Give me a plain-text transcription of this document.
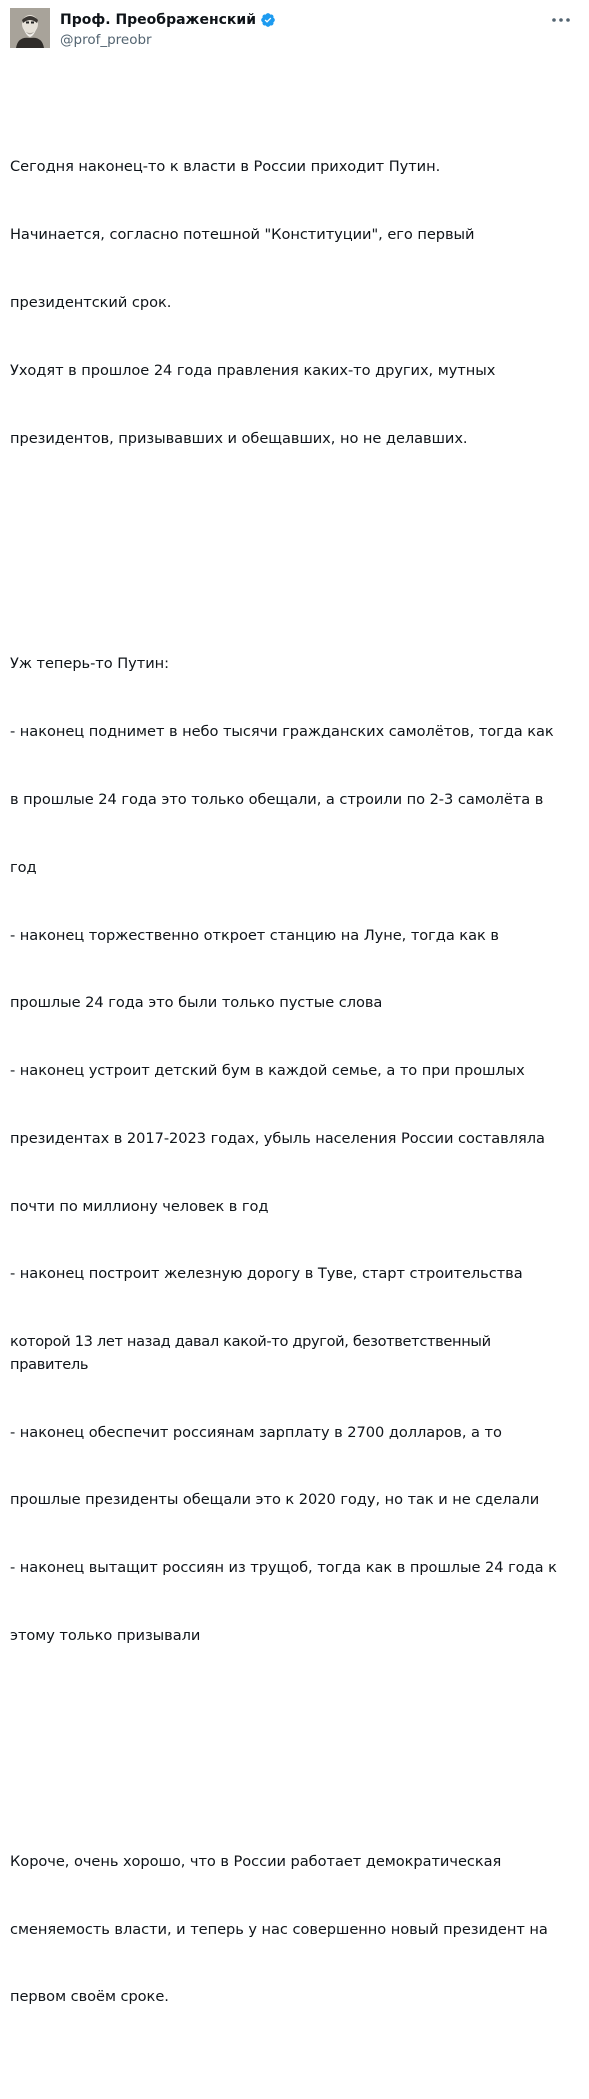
Проф. Преображенский
@prof_preobr

Сегодня наконец-то к власти в России приходит Путин.

Начинается, согласно потешной "Конституции", его первый

президентский срок.

Уходят в прошлое 24 года правления каких-то других, мутных

президентов, призывавших и обещавших, но не делавших.

Уж теперь-то Путин:

- наконец поднимет в небо тысячи гражданских самолётов, тогда как

в прошлые 24 года это только обещали, а строили по 2-3 самолёта в

год

- наконец торжественно откроет станцию на Луне, тогда как в

прошлые 24 года это были только пустые слова

- наконец устроит детский бум в каждой семье, а то при прошлых

президентах в 2017-2023 годах, убыль населения России составляла

почти по миллиону человек в год

- наконец построит железную дорогу в Туве, старт строительства

которой 13 лет назад давал какой-то другой, безответственный правитель

- наконец обеспечит россиянам зарплату в 2700 долларов, а то

прошлые президенты обещали это к 2020 году, но так и не сделали

- наконец вытащит россиян из трущоб, тогда как в прошлые 24 года к

этому только призывали

Короче, очень хорошо, что в России работает демократическая

сменяемость власти, и теперь у нас совершенно новый президент на

первом своём сроке.
